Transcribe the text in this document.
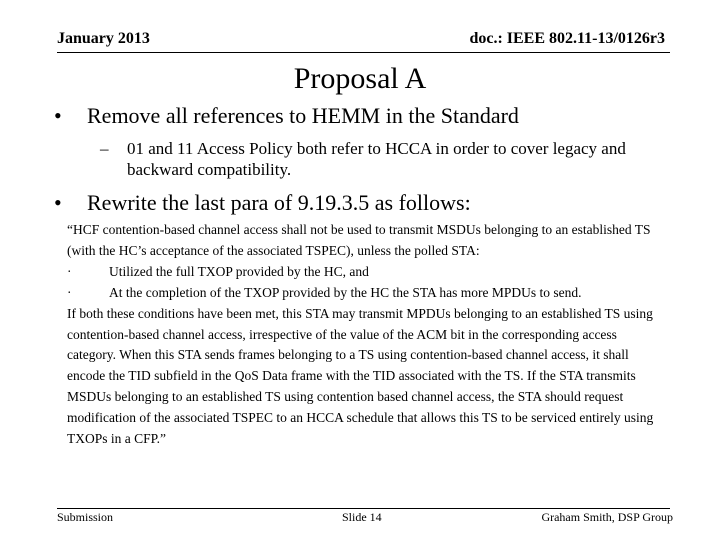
January 2013	doc.: IEEE 802.11-13/0126r3
Proposal A
• Remove all references to HEMM in the Standard
–	01 and 11 Access Policy both refer to HCCA in order to cover legacy and backward compatibility.
• Rewrite the last para of 9.19.3.5 as follows:

“HCF contention-based channel access shall not be used to transmit MSDUs belonging to an established TS (with the HC’s acceptance of the associated TSPEC), unless the polled STA:

·	Utilized the full TXOP provided by the HC, and

·	At the completion of the TXOP provided by the HC the STA has more MPDUs to send.

If both these conditions have been met, this STA may transmit MPDUs belonging to an established TS using contention-based channel access, irrespective of the value of the ACM bit in the corresponding access category. When this STA sends frames belonging to a TS using contention-based channel access, it shall encode the TID subfield in the QoS Data frame with the TID associated with the TS. If the STA transmits MSDUs belonging to an established TS using contention based channel access, the STA should request modification of the associated TSPEC to an HCCA schedule that allows this TS to be serviced entirely using TXOPs in a CFP.”

Submission	Slide 14	Graham Smith, DSP Group
